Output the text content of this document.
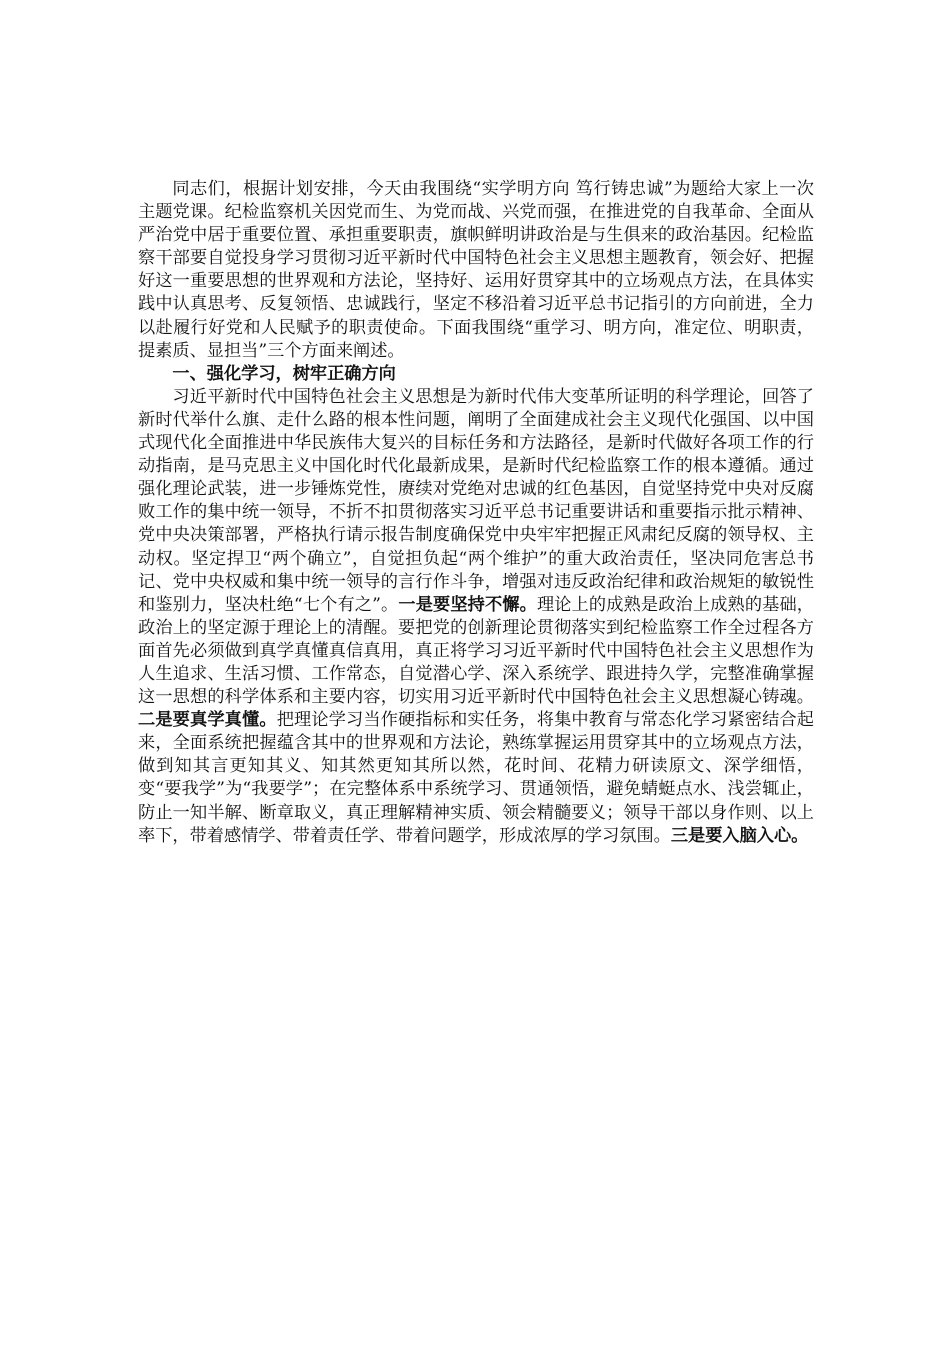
同志们，根据计划安排，今天由我围绕“实学明方向 笃行铸忠诚”为题给大家上一次主题党课。纪检监察机关因党而生、为党而战、兴党而强，在推进党的自我革命、全面从严治党中居于重要位置、承担重要职责，旗帜鲜明讲政治是与生俱来的政治基因。纪检监察干部要自觉投身学习贯彻习近平新时代中国特色社会主义思想主题教育，领会好、把握好这一重要思想的世界观和方法论，坚持好、运用好贯穿其中的立场观点方法，在具体实践中认真思考、反复领悟、忠诚践行，坚定不移沿着习近平总书记指引的方向前进，全力以赴履行好党和人民赋予的职责使命。下面我围绕“重学习、明方向，准定位、明职责，提素质、显担当”三个方面来阐述。

一、强化学习，树牢正确方向

习近平新时代中国特色社会主义思想是为新时代伟大变革所证明的科学理论，回答了新时代举什么旗、走什么路的根本性问题，阐明了全面建成社会主义现代化强国、以中国式现代化全面推进中华民族伟大复兴的目标任务和方法路径，是新时代做好各项工作的行动指南，是马克思主义中国化时代化最新成果，是新时代纪检监察工作的根本遵循。通过强化理论武装，进一步锤炼党性，赓续对党绝对忠诚的红色基因，自觉坚持党中央对反腐败工作的集中统一领导，不折不扣贯彻落实习近平总书记重要讲话和重要指示批示精神、党中央决策部署，严格执行请示报告制度确保党中央牢牢把握正风肃纪反腐的领导权、主动权。坚定捍卫“两个确立”，自觉担负起“两个维护”的重大政治责任，坚决同危害总书记、党中央权威和集中统一领导的言行作斗争，增强对违反政治纪律和政治规矩的敏锐性和鉴别力，坚决杜绝“七个有之”。一是要坚持不懈。理论上的成熟是政治上成熟的基础，政治上的坚定源于理论上的清醒。要把党的创新理论贯彻落实到纪检监察工作全过程各方面首先必须做到真学真懂真信真用，真正将学习习近平新时代中国特色社会主义思想作为人生追求、生活习惯、工作常态，自觉潜心学、深入系统学、跟进持久学，完整准确掌握这一思想的科学体系和主要内容，切实用习近平新时代中国特色社会主义思想凝心铸魂。二是要真学真懂。把理论学习当作硬指标和实任务，将集中教育与常态化学习紧密结合起来，全面系统把握蕴含其中的世界观和方法论，熟练掌握运用贯穿其中的立场观点方法，做到知其言更知其义、知其然更知其所以然，花时间、花精力研读原文、深学细悟，变“要我学”为“我要学”；在完整体系中系统学习、贯通领悟，避免蜻蜓点水、浅尝辄止，防止一知半解、断章取义，真正理解精神实质、领会精髓要义；领导干部以身作则、以上率下，带着感情学、带着责任学、带着问题学，形成浓厚的学习氛围。三是要入脑入心。
